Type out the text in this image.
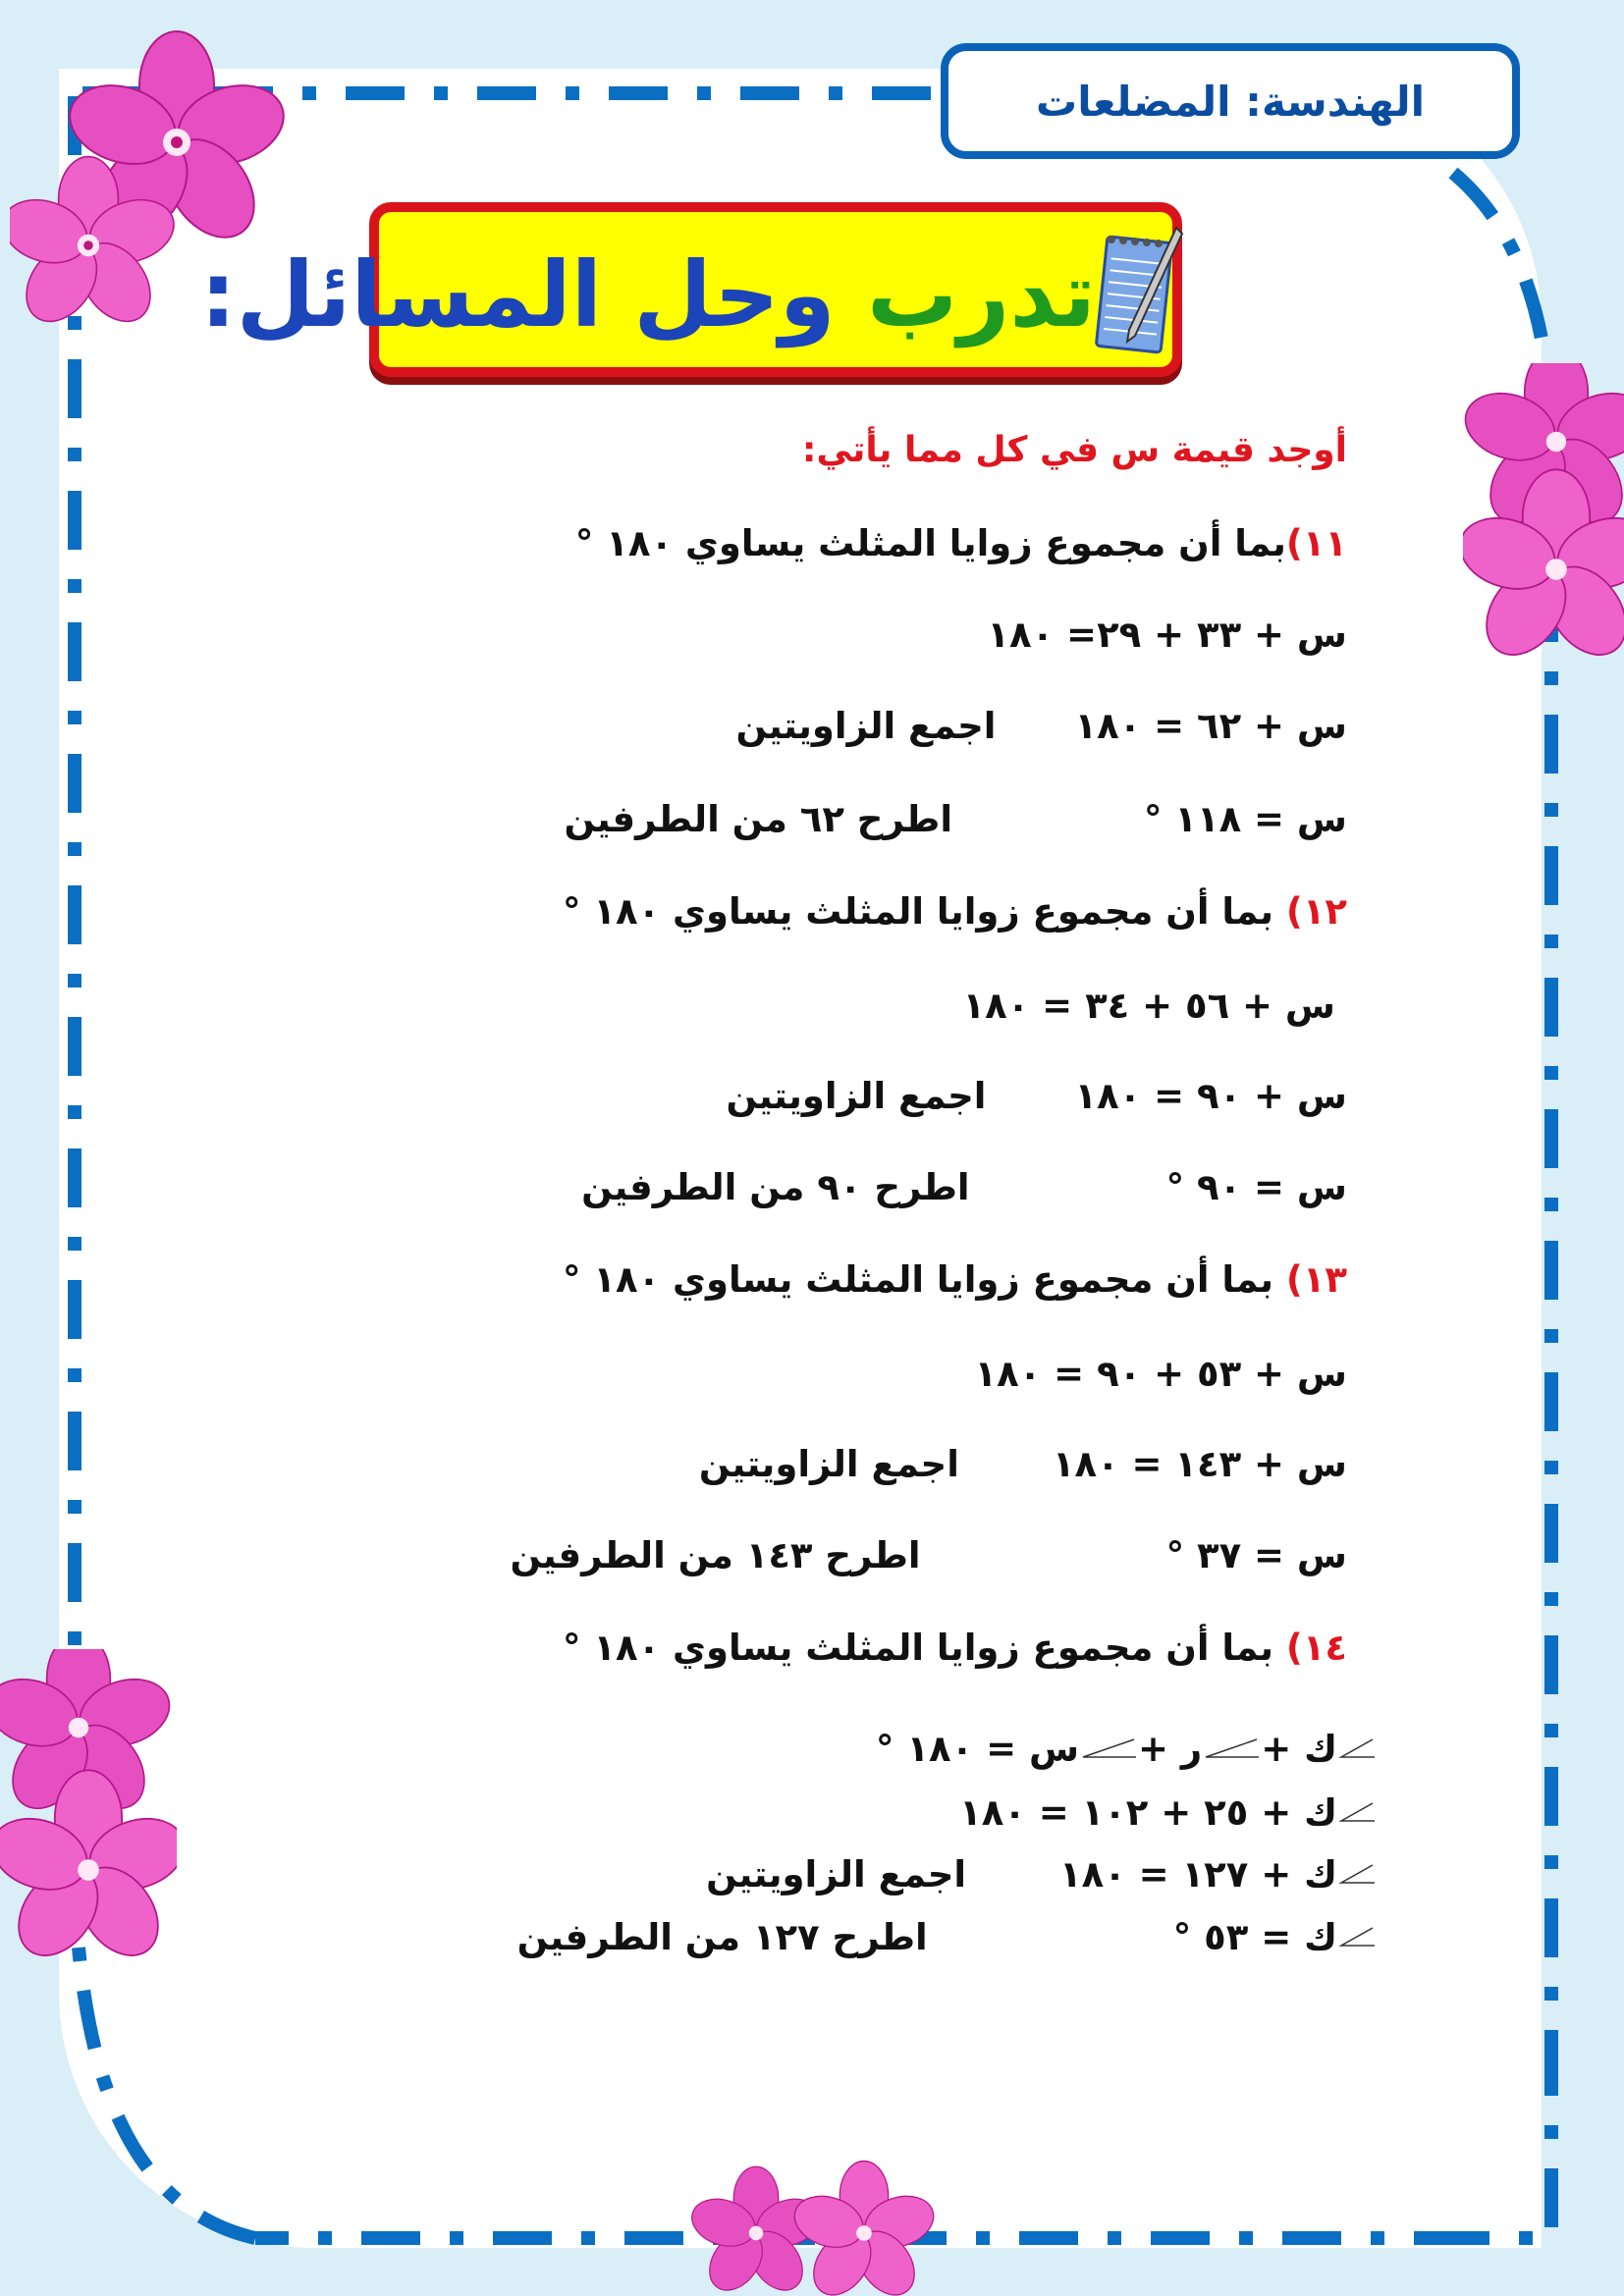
الهندسة: المضلعات
تدرب وحل المسائل:
أوجد قيمة س في كل مما يأتي:
١١)بما أن مجموع زوايا المثلث يساوي ١٨٠ °
س + ٣٣ + ٢٩= ١٨٠
س + ٦٢ = ١٨٠اجمع الزاويتين
س = ١١٨ °اطرح ٦٢ من الطرفين
١٢) بما أن مجموع زوايا المثلث يساوي ١٨٠ °
س + ٥٦ + ٣٤ = ١٨٠
س + ٩٠ = ١٨٠اجمع الزاويتين
س = ٩٠ °اطرح ٩٠ من الطرفين
١٣) بما أن مجموع زوايا المثلث يساوي ١٨٠ °
س + ٥٣ + ٩٠ = ١٨٠
س + ١٤٣ = ١٨٠اجمع الزاويتين
س = ٣٧ °اطرح ١٤٣ من الطرفين
١٤) بما أن مجموع زوايا المثلث يساوي ١٨٠ °
ك +
ر +
س = ١٨٠ °
ك + ٢٥ + ١٠٢ = ١٨٠
ك + ١٢٧ = ١٨٠اجمع الزاويتين
ك = ٥٣ °اطرح ١٢٧ من الطرفين
